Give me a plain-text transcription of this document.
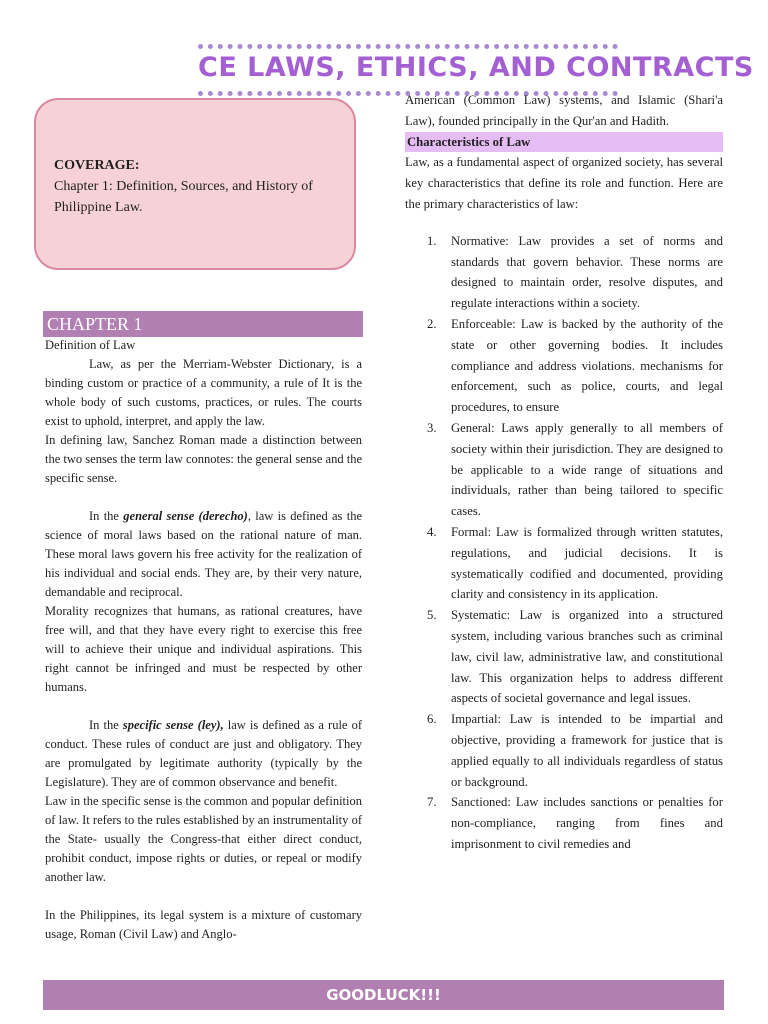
CE LAWS, ETHICS, AND CONTRACTS
COVERAGE:
Chapter 1: Definition, Sources, and History of Philippine Law.
CHAPTER 1

Definition of Law

Law, as per the Merriam-Webster Dictionary, is a binding custom or practice of a community, a rule of It is the whole body of such customs, practices, or rules. The courts exist to uphold, interpret, and apply the law.

In defining law, Sanchez Roman made a distinction between the two senses the term law connotes: the general sense and the specific sense.

In the general sense (derecho), law is defined as the science of moral laws based on the rational nature of man. These moral laws govern his free activity for the realization of his individual and social ends. They are, by their very nature, demandable and reciprocal.

Morality recognizes that humans, as rational creatures, have free will, and that they have every right to exercise this free will to achieve their unique and individual aspirations. This right cannot be infringed and must be respected by other humans.

In the specific sense (ley), law is defined as a rule of conduct. These rules of conduct are just and obligatory. They are promulgated by legitimate authority (typically by the Legislature). They are of common observance and benefit.

Law in the specific sense is the common and popular definition of law. It refers to the rules established by an instrumentality of the State- usually the Congress-that either direct conduct, prohibit conduct, impose rights or duties, or repeal or modify another law.

In the Philippines, its legal system is a mixture of customary usage, Roman (Civil Law) and Anglo-

American (Common Law) systems, and Islamic (Shari'a Law), founded principally in the Qur'an and Hadith.

Characteristics of Law

Law, as a fundamental aspect of organized society, has several key characteristics that define its role and function. Here are the primary characteristics of law:

1. Normative: Law provides a set of norms and standards that govern behavior. These norms are designed to maintain order, resolve disputes, and regulate interactions within a society.
2. Enforceable: Law is backed by the authority of the state or other governing bodies. It includes compliance and address violations. mechanisms for enforcement, such as police, courts, and legal procedures, to ensure
3. General: Laws apply generally to all members of society within their jurisdiction. They are designed to be applicable to a wide range of situations and individuals, rather than being tailored to specific cases.
4. Formal: Law is formalized through written statutes, regulations, and judicial decisions. It is systematically codified and documented, providing clarity and consistency in its application.
5. Systematic: Law is organized into a structured system, including various branches such as criminal law, civil law, administrative law, and constitutional law. This organization helps to address different aspects of societal governance and legal issues.
6. Impartial: Law is intended to be impartial and objective, providing a framework for justice that is applied equally to all individuals regardless of status or background.
7. Sanctioned: Law includes sanctions or penalties for non-compliance, ranging from fines and imprisonment to civil remedies and
GOODLUCK!!!
